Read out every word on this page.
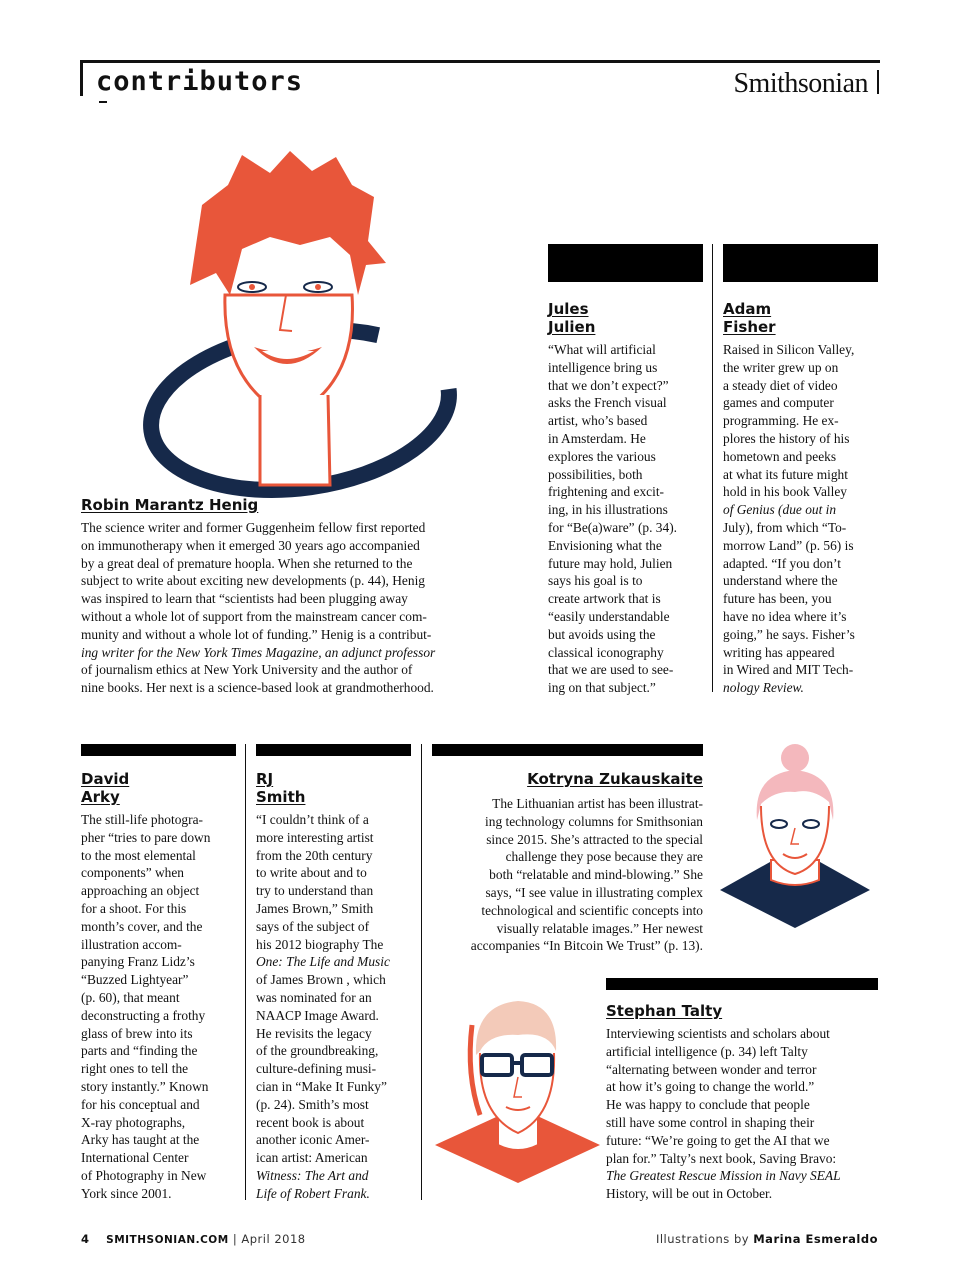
contributors	Smithsonian
Robin Marantz Henig
The science writer and former Guggenheim fellow first reported
on immunotherapy when it emerged 30 years ago accompanied
by a great deal of premature hoopla. When she returned to the
subject to write about exciting new developments (p. 44), Henig
was inspired to learn that “scientists had been plugging away
without a whole lot of support from the mainstream cancer com-
munity and without a whole lot of funding.” Henig is a contribut-
ing writer for the New York Times Magazine, an adjunct professor
of journalism ethics at New York University and the author of
nine books. Her next is a science-based look at grandmotherhood.
Jules
Julien
“What will artificial
intelligence bring us
that we don’t expect?”
asks the French visual
artist, who’s based
in Amsterdam. He
explores the various
possibilities, both
frightening and excit-
ing, in his illustrations
for “Be(a)ware” (p. 34).
Envisioning what the
future may hold, Julien
says his goal is to
create artwork that is
“easily understandable
but avoids using the
classical iconography
that we are used to see-
ing on that subject.”
Adam
Fisher
Raised in Silicon Valley,
the writer grew up on
a steady diet of video
games and computer
programming. He ex-
plores the history of his
hometown and peeks
at what its future might
hold in his book Valley
of Genius (due out in
July), from which “To-
morrow Land” (p. 56) is
adapted. “If you don’t
understand where the
future has been, you
have no idea where it’s
going,” he says. Fisher’s
writing has appeared
in Wired and MIT Tech-
nology Review.
David
Arky
The still-life photogra-
pher “tries to pare down
to the most elemental
components” when
approaching an object
for a shoot. For this
month’s cover, and the
illustration accom-
panying Franz Lidz’s
“Buzzed Lightyear”
(p. 60), that meant
deconstructing a frothy
glass of brew into its
parts and “finding the
right ones to tell the
story instantly.” Known
for his conceptual and
X-ray photographs,
Arky has taught at the
International Center
of Photography in New
York since 2001.
RJ
Smith
“I couldn’t think of a
more interesting artist
from the 20th century
to write about and to
try to understand than
James Brown,” Smith
says of the subject of
his 2012 biography The
One: The Life and Music
of James Brown , which
was nominated for an
NAACP Image Award.
He revisits the legacy
of the groundbreaking,
culture-defining musi-
cian in “Make It Funky”
(p. 24). Smith’s most
recent book is about
another iconic Amer-
ican artist: American
Witness: The Art and
Life of Robert Frank.
Kotryna Zukauskaite
The Lithuanian artist has been illustrat-
ing technology columns for Smithsonian
since 2015. She’s attracted to the special
challenge they pose because they are
both “relatable and mind-blowing.” She
says, “I see value in illustrating complex
technological and scientific concepts into
visually relatable images.” Her newest
accompanies “In Bitcoin We Trust” (p. 13).
Stephan Talty
Interviewing scientists and scholars about
artificial intelligence (p. 34) left Talty
“alternating between wonder and terror
at how it’s going to change the world.”
He was happy to conclude that people
still have some control in shaping their
future: “We’re going to get the AI that we
plan for.” Talty’s next book, Saving Bravo:
The Greatest Rescue Mission in Navy SEAL
History, will be out in October.
4 SMITHSONIAN.COM | April 2018	Illustrations by Marina Esmeraldo
